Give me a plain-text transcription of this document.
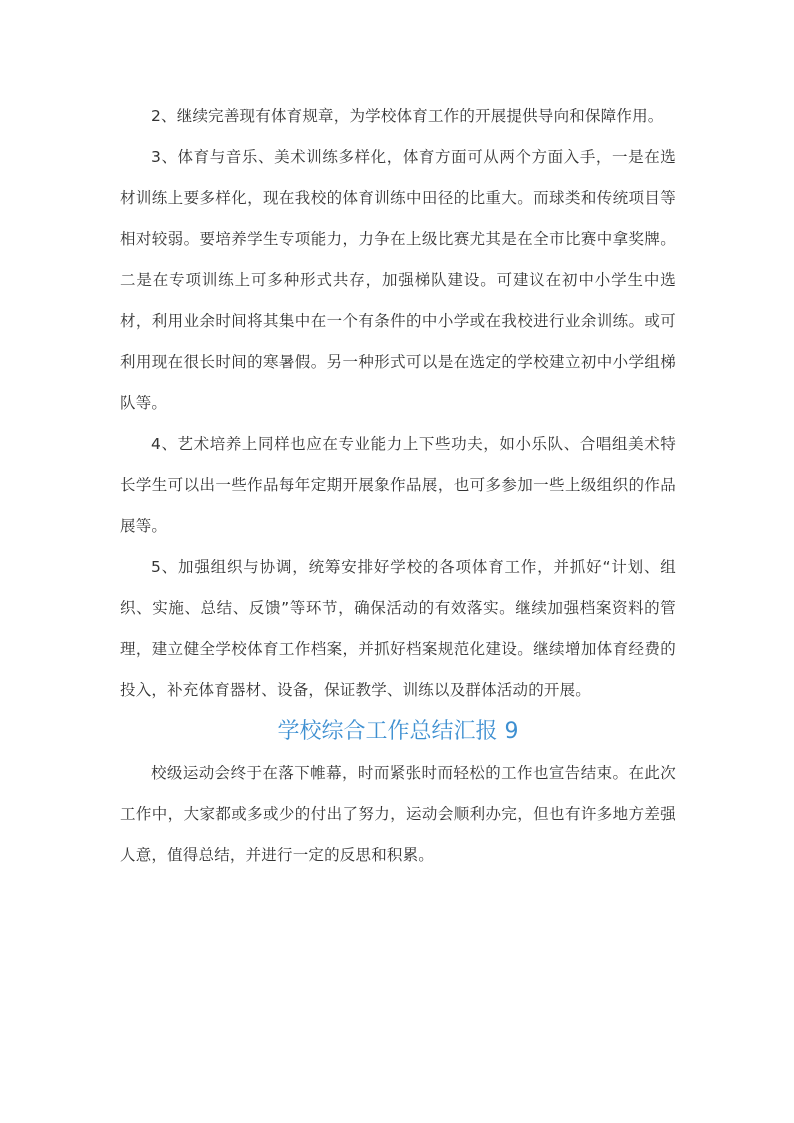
2、继续完善现有体育规章，为学校体育工作的开展提供导向和保障作用。

3、体育与音乐、美术训练多样化，体育方面可从两个方面入手，一是在选材训练上要多样化，现在我校的体育训练中田径的比重大。而球类和传统项目等相对较弱。要培养学生专项能力，力争在上级比赛尤其是在全市比赛中拿奖牌。二是在专项训练上可多种形式共存，加强梯队建设。可建议在初中小学生中选材，利用业余时间将其集中在一个有条件的中小学或在我校进行业余训练。或可利用现在很长时间的寒暑假。另一种形式可以是在选定的学校建立初中小学组梯队等。

4、艺术培养上同样也应在专业能力上下些功夫，如小乐队、合唱组美术特长学生可以出一些作品每年定期开展象作品展，也可多参加一些上级组织的作品展等。

5、加强组织与协调，统筹安排好学校的各项体育工作，并抓好“计划、组织、实施、总结、反馈”等环节，确保活动的有效落实。继续加强档案资料的管理，建立健全学校体育工作档案，并抓好档案规范化建设。继续增加体育经费的投入，补充体育器材、设备，保证教学、训练以及群体活动的开展。

学校综合工作总结汇报 9

校级运动会终于在落下帷幕，时而紧张时而轻松的工作也宣告结束。在此次工作中，大家都或多或少的付出了努力，运动会顺利办完，但也有许多地方差强人意，值得总结，并进行一定的反思和积累。
